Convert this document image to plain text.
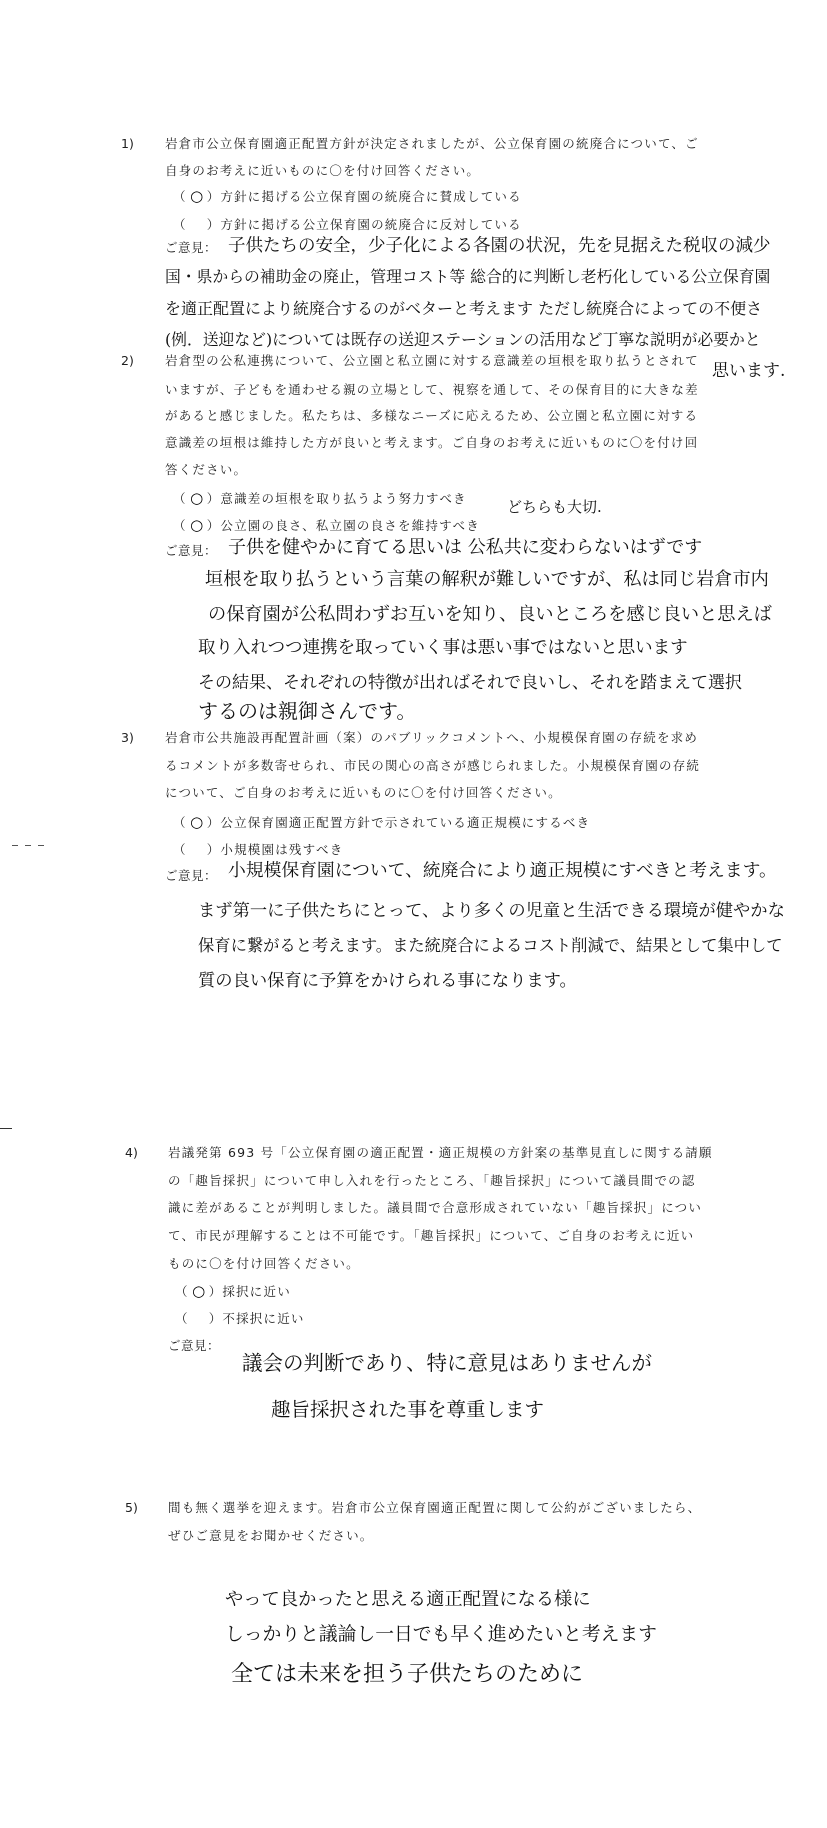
1) 岩倉市公立保育園適正配置方針が決定されましたが、公立保育園の統廃合について、ご
自身のお考えに近いものに〇を付け回答ください。
（ ○ ） 方針に掲げる公立保育園の統廃合に賛成している
（ ） 方針に掲げる公立保育園の統廃合に反対している
ご意見： 子供たちの安全，少子化による各園の状況，先を見据えた税収の減少
国・県からの補助金の廃止，管理コスト等 総合的に判断し老朽化している公立保育園
を適正配置により統廃合するのがベターと考えます ただし統廃合によっての不便さ
(例．送迎など)については既存の送迎ステーションの活用など丁寧な説明が必要かと
思います.
2) 岩倉型の公私連携について、公立園と私立園に対する意識差の垣根を取り払うとされて
いますが、子どもを通わせる親の立場として、視察を通して、その保育目的に大きな差
があると感じました。私たちは、多様なニーズに応えるため、公立園と私立園に対する
意識差の垣根は維持した方が良いと考えます。ご自身のお考えに近いものに〇を付け回
答ください。
（ ○ ） 意識差の垣根を取り払うよう努力すべき
（ ○ ） 公立園の良さ、私立園の良さを維持すべき
どちらも大切.
ご意見： 子供を健やかに育てる思いは 公私共に変わらないはずです
垣根を取り払うという言葉の解釈が難しいですが、私は同じ岩倉市内
の保育園が公私問わずお互いを知り、良いところを感じ良いと思えば
取り入れつつ連携を取っていく事は悪い事ではないと思います
その結果、それぞれの特徴が出ればそれで良いし、それを踏まえて選択
するのは親御さんです。
3) 岩倉市公共施設再配置計画（案）のパブリックコメントへ、小規模保育園の存続を求め
るコメントが多数寄せられ、市民の関心の高さが感じられました。小規模保育園の存続
について、ご自身のお考えに近いものに〇を付け回答ください。
（ ○ ） 公立保育園適正配置方針で示されている適正規模にするべき
（ ） 小規模園は残すべき
ご意見： 小規模保育園について、統廃合により適正規模にすべきと考えます。
まず第一に子供たちにとって、より多くの児童と生活できる環境が健やかな
保育に繋がると考えます。また統廃合によるコスト削減で、結果として集中して
質の良い保育に予算をかけられる事になります。
4) 岩議発第 693 号「公立保育園の適正配置・適正規模の方針案の基準見直しに関する請願
の「趣旨採択」について申し入れを行ったところ、「趣旨採択」について議員間での認
識に差があることが判明しました。議員間で合意形成されていない「趣旨採択」につい
て、市民が理解することは不可能です。「趣旨採択」について、ご自身のお考えに近い
ものに〇を付け回答ください。
（ ○ ） 採択に近い
（ ） 不採択に近い
ご意見：
議会の判断であり、特に意見はありませんが
趣旨採択された事を尊重します
5) 間も無く選挙を迎えます。岩倉市公立保育園適正配置に関して公約がございましたら、
ぜひご意見をお聞かせください。
やって良かったと思える適正配置になる様に
しっかりと議論し一日でも早く進めたいと考えます
全ては未来を担う子供たちのために
